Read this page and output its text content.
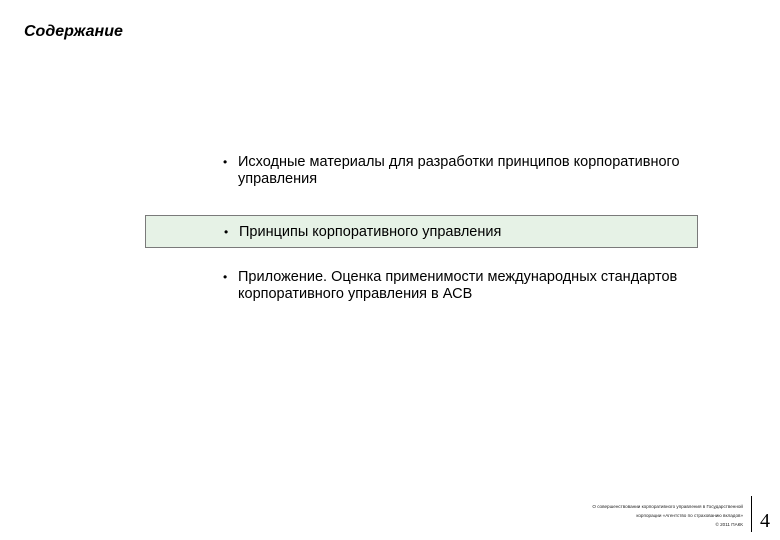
Содержание
• Исходные материалы для разработки принципов корпоративного управления
• Принципы корпоративного управления
• Приложение. Оценка применимости международных стандартов корпоративного управления в АСВ
О совершенствовании корпоративного управления в Государственной
корпорации «Агентство по страхованию вкладов»
© 2011 ПАКК 4
